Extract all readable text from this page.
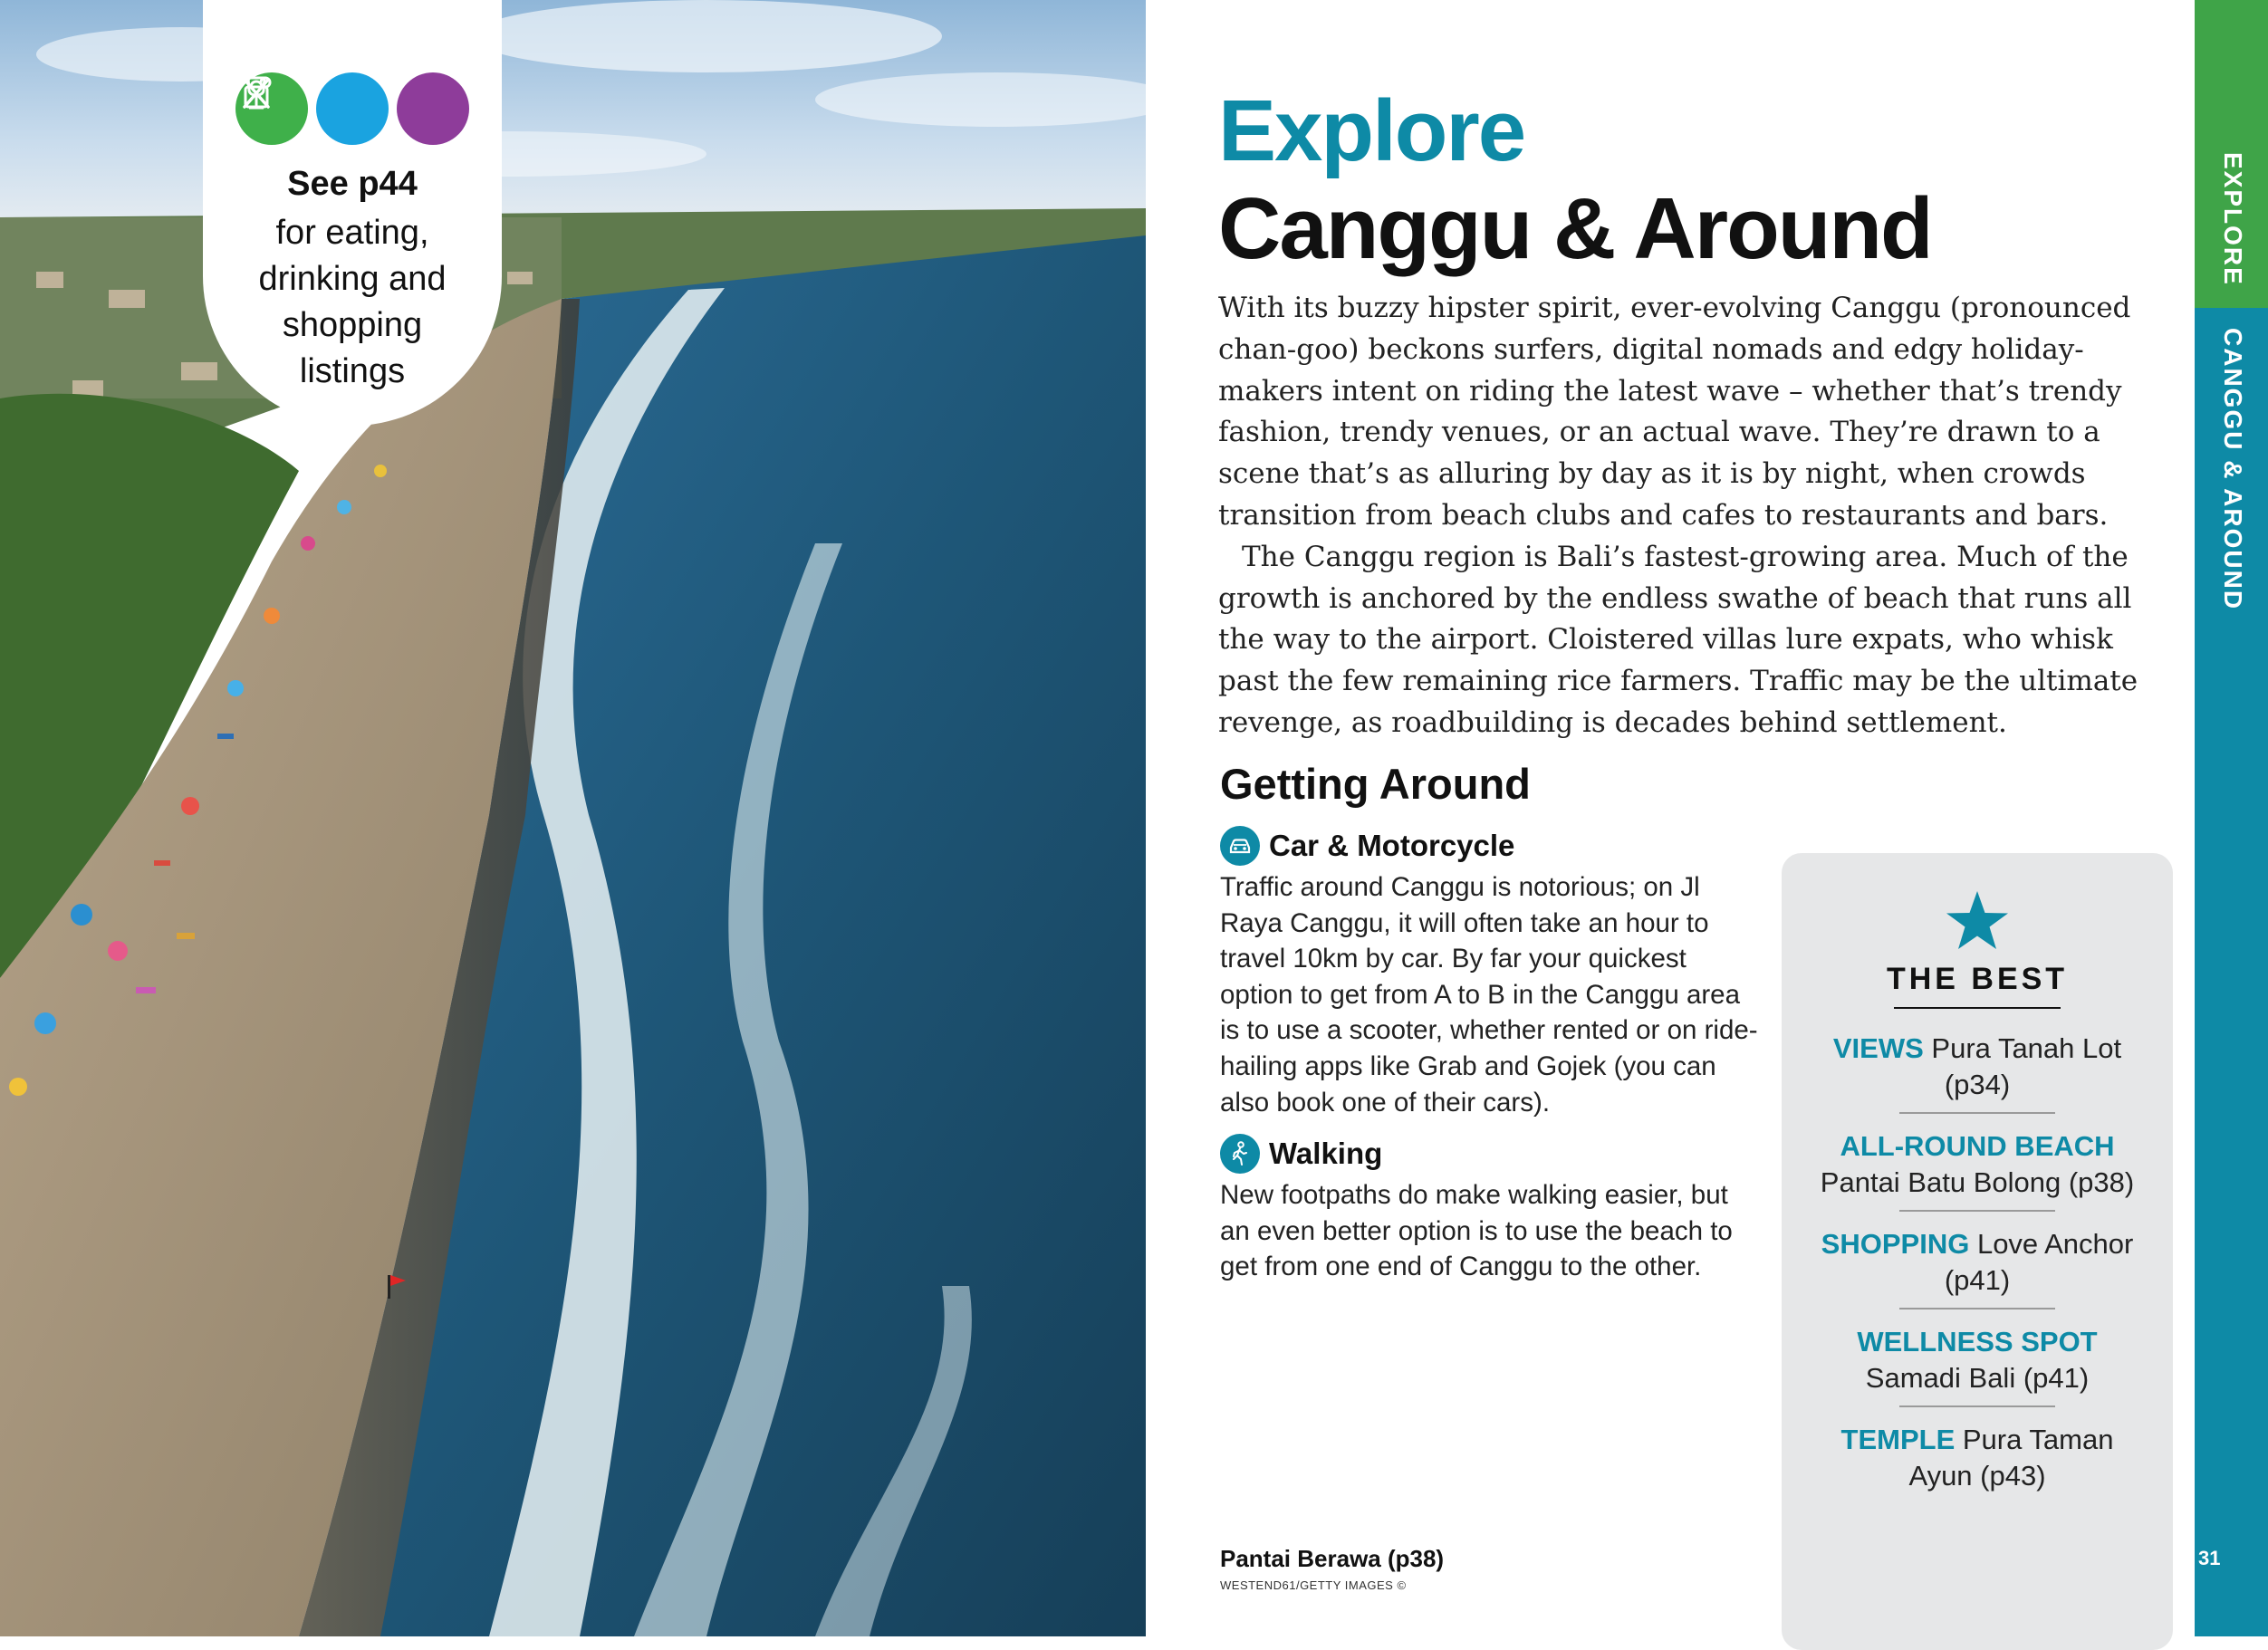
See p44
for eating, drinking and shopping listings
Explore
Canggu & Around

With its buzzy hipster spirit, ever-evolving Canggu (pronounced chan-goo) beckons surfers, digital nomads and edgy holiday-makers intent on riding the latest wave – whether that’s trendy fashion, trendy venues, or an actual wave. They’re drawn to a scene that’s as alluring by day as it is by night, when crowds transition from beach clubs and cafes to restaurants and bars.

The Canggu region is Bali’s fastest-growing area. Much of the growth is anchored by the endless swathe of beach that runs all the way to the airport. Cloistered villas lure expats, who whisk past the few remaining rice farmers. Traffic may be the ultimate revenge, as roadbuilding is decades behind settlement.

Getting Around
Car & Motorcycle
Traffic around Canggu is notorious; on Jl Raya Canggu, it will often take an hour to travel 10km by car. By far your quickest option to get from A to B in the Canggu area is to use a scooter, whether rented or on ride-hailing apps like Grab and Gojek (you can also book one of their cars).
Walking
New footpaths do make walking easier, but an even better option is to use the beach to get from one end of Canggu to the other.
THE BEST
VIEWS Pura Tanah Lot (p34)
ALL-ROUND BEACH Pantai Batu Bolong (p38)
SHOPPING Love Anchor (p41)
WELLNESS SPOT Samadi Bali (p41)
TEMPLE Pura Taman Ayun (p43)
Pantai Berawa (p38)
WESTEND61/GETTY IMAGES ©
EXPLORE
CANGGU & AROUND
31
